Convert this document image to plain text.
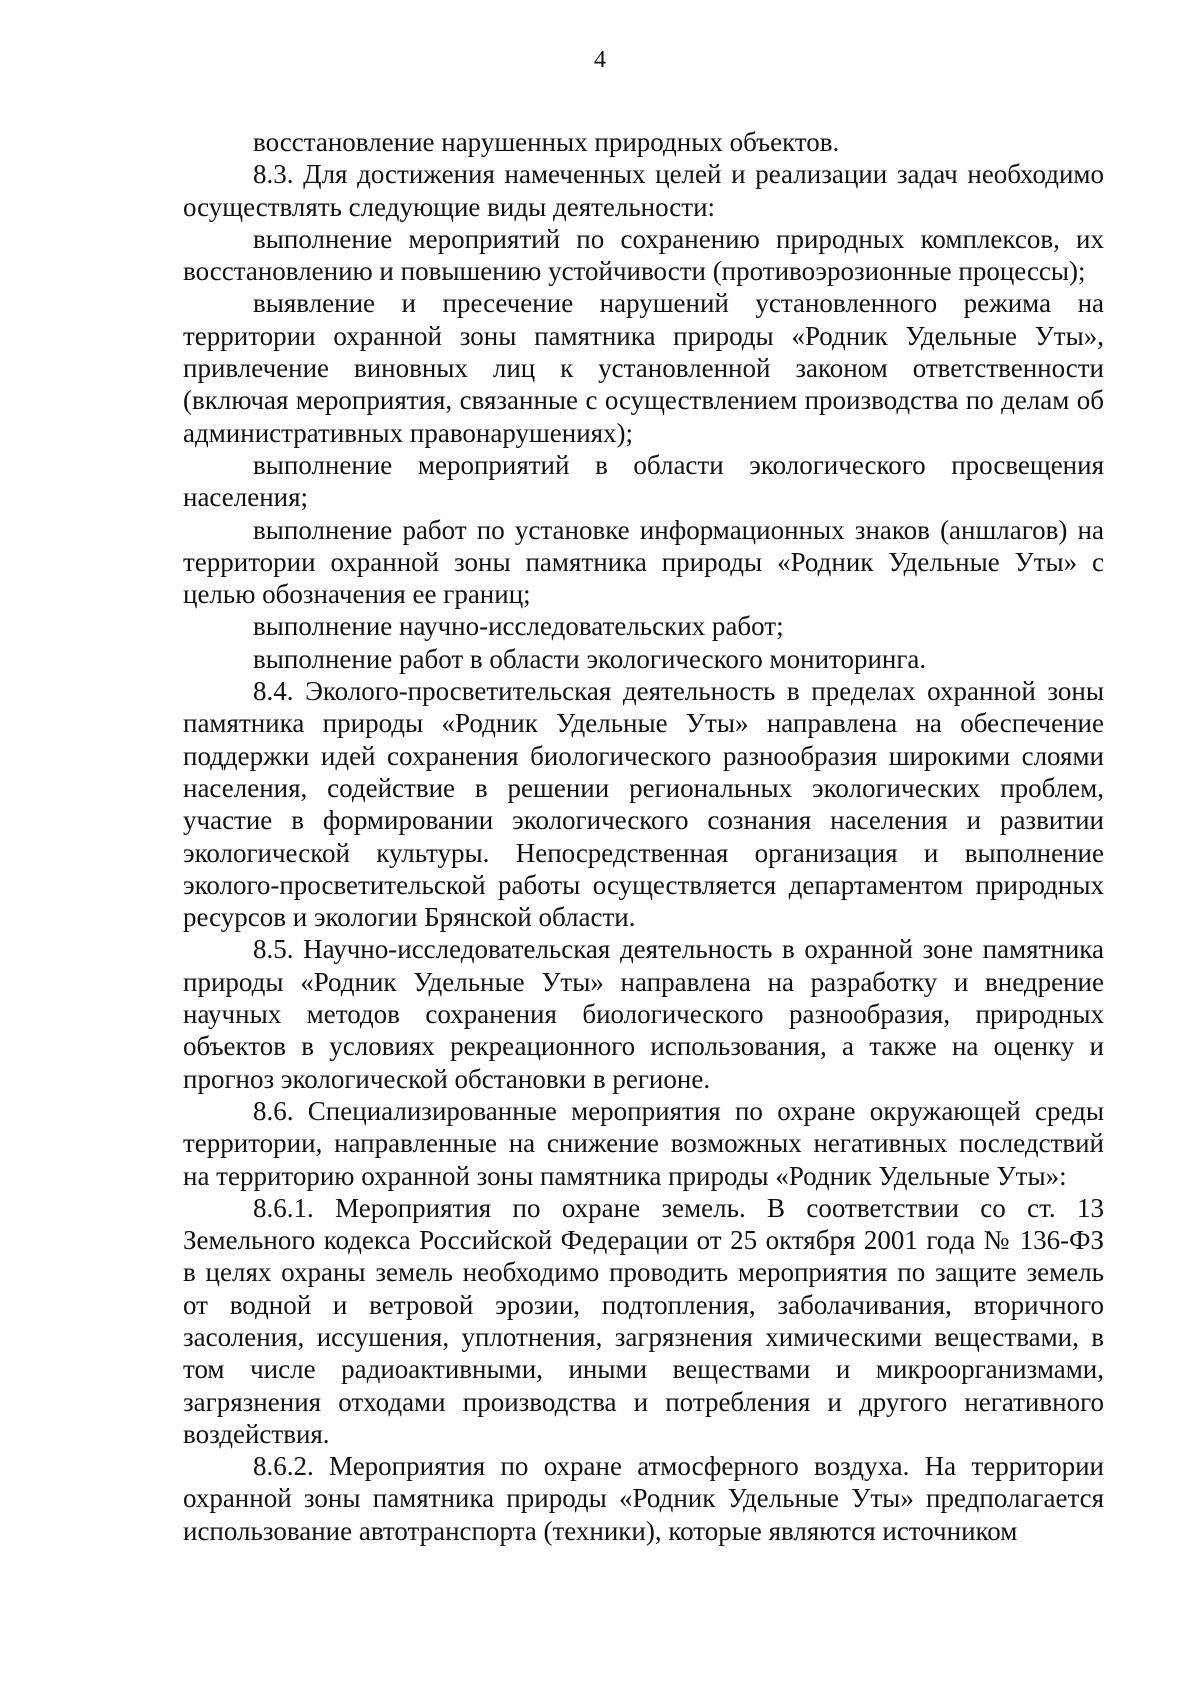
4

восстановление нарушенных природных объектов.

8.3. Для достижения намеченных целей и реализации задач необходимо осуществлять следующие виды деятельности:

выполнение мероприятий по сохранению природных комплексов, их восстановлению и повышению устойчивости (противоэрозионные процессы);

выявление и пресечение нарушений установленного режима на территории охранной зоны памятника природы «Родник Удельные Уты», привлечение виновных лиц к установленной законом ответственности (включая мероприятия, связанные с осуществлением производства по делам об административных правонарушениях);

выполнение мероприятий в области экологического просвещения населения;

выполнение работ по установке информационных знаков (аншлагов) на территории охранной зоны памятника природы «Родник Удельные Уты» с целью обозначения ее границ;

выполнение научно-исследовательских работ;

выполнение работ в области экологического мониторинга.

8.4. Эколого-просветительская деятельность в пределах охранной зоны памятника природы «Родник Удельные Уты» направлена на обеспечение поддержки идей сохранения биологического разнообразия широкими слоями населения, содействие в решении региональных экологических проблем, участие в формировании экологического сознания населения и развитии экологической культуры. Непосредственная организация и выполнение эколого-просветительской работы осуществляется департаментом природных ресурсов и экологии Брянской области.

8.5. Научно-исследовательская деятельность в охранной зоне памятника природы «Родник Удельные Уты» направлена на разработку и внедрение научных методов сохранения биологического разнообразия, природных объектов в условиях рекреационного использования, а также на оценку и прогноз экологической обстановки в регионе.

8.6. Специализированные мероприятия по охране окружающей среды территории, направленные на снижение возможных негативных последствий на территорию охранной зоны памятника природы «Родник Удельные Уты»:

8.6.1. Мероприятия по охране земель. В соответствии со ст. 13 Земельного кодекса Российской Федерации от 25 октября 2001 года № 136-ФЗ в целях охраны земель необходимо проводить мероприятия по защите земель от водной и ветровой эрозии, подтопления, заболачивания, вторичного засоления, иссушения, уплотнения, загрязнения химическими веществами, в том числе радиоактивными, иными веществами и микроорганизмами, загрязнения отходами производства и потребления и другого негативного воздействия.

8.6.2. Мероприятия по охране атмосферного воздуха. На территории охранной зоны памятника природы «Родник Удельные Уты» предполагается использование автотранспорта (техники), которые являются источником
